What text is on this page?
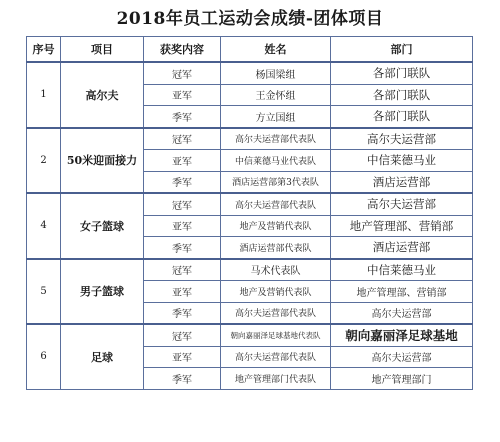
2018年员工运动会成绩-团体项目
序号	项目	获奖内容	姓名	部门
1	高尔夫	冠军	杨国梁组	各部门联队
		亚军	王金怀组	各部门联队
		季军	方立国组	各部门联队
2	50米迎面接力	冠军	高尔夫运营部代表队	高尔夫运营部
		亚军	中信莱德马业代表队	中信莱德马业
		季军	酒店运营部第3代表队	酒店运营部
4	女子篮球	冠军	高尔夫运营部代表队	高尔夫运营部
		亚军	地产及营销代表队	地产管理部、营销部
		季军	酒店运营部代表队	酒店运营部
5	男子篮球	冠军	马术代表队	中信莱德马业
		亚军	地产及营销代表队	地产管理部、营销部
		季军	高尔夫运营部代表队	高尔夫运营部
6	足球	冠军	朝向嘉丽泽足球基地代表队	朝向嘉丽泽足球基地
		亚军	高尔夫运营部代表队	高尔夫运营部
		季军	地产管理部门代表队	地产管理部门
